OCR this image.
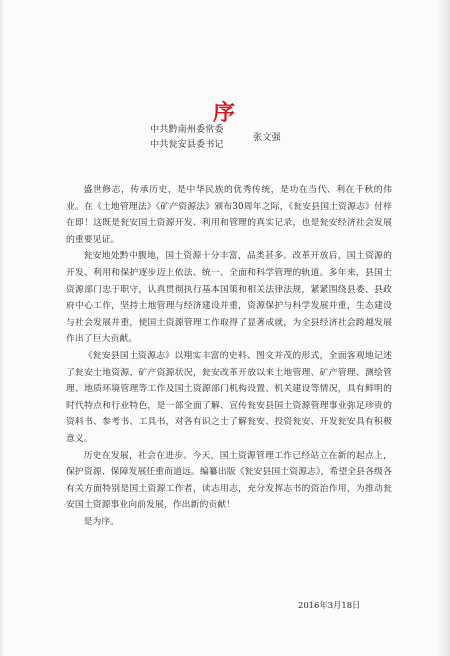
序
中共黔南州委常委
中共瓮安县委书记
张文强

盛世修志，传承历史，是中华民族的优秀传统，是功在当代、利在千秋的伟业。在《土地管理法》《矿产资源法》颁布30周年之际，《瓮安县国土资源志》付梓在即！这既是瓮安国土资源开发、利用和管理的真实记录，也是瓮安经济社会发展的重要见证。

瓮安地处黔中腹地，国土资源十分丰富，品类甚多。改革开放后，国土资源的开发、利用和保护逐步迈上依法、统一、全面和科学管理的轨道。多年来，县国土资源部门忠于职守，认真贯彻执行基本国策和相关法律法规，紧紧围绕县委、县政府中心工作，坚持土地管理与经济建设并重，资源保护与科学发展并重，生态建设与社会发展并重，使国土资源管理工作取得了显著成就，为全县经济社会跨越发展作出了巨大贡献。

《瓮安县国土资源志》以翔实丰富的史料、图文并茂的形式，全面客观地记述了瓮安土地资源、矿产资源状况，瓮安改革开放以来土地管理、矿产管理、测绘管理、地质环境管理等工作及国土资源部门机构设置、机关建设等情况，具有鲜明的时代特点和行业特色，是一部全面了解、宣传瓮安县国土资源管理事业弥足珍贵的资料书、参考书、工具书，对各有识之士了解瓮安、投资瓮安、开发瓮安具有积极意义。

历史在发展，社会在进步。今天，国土资源管理工作已经站立在新的起点上，保护资源、保障发展任重而道远。编纂出版《瓮安县国土资源志》，希望全县各级各有关方面特别是国土资源工作者，读志用志，充分发挥志书的资治作用，为推动瓮安国土资源事业向前发展，作出新的贡献！

是为序。

2016年3月18日
